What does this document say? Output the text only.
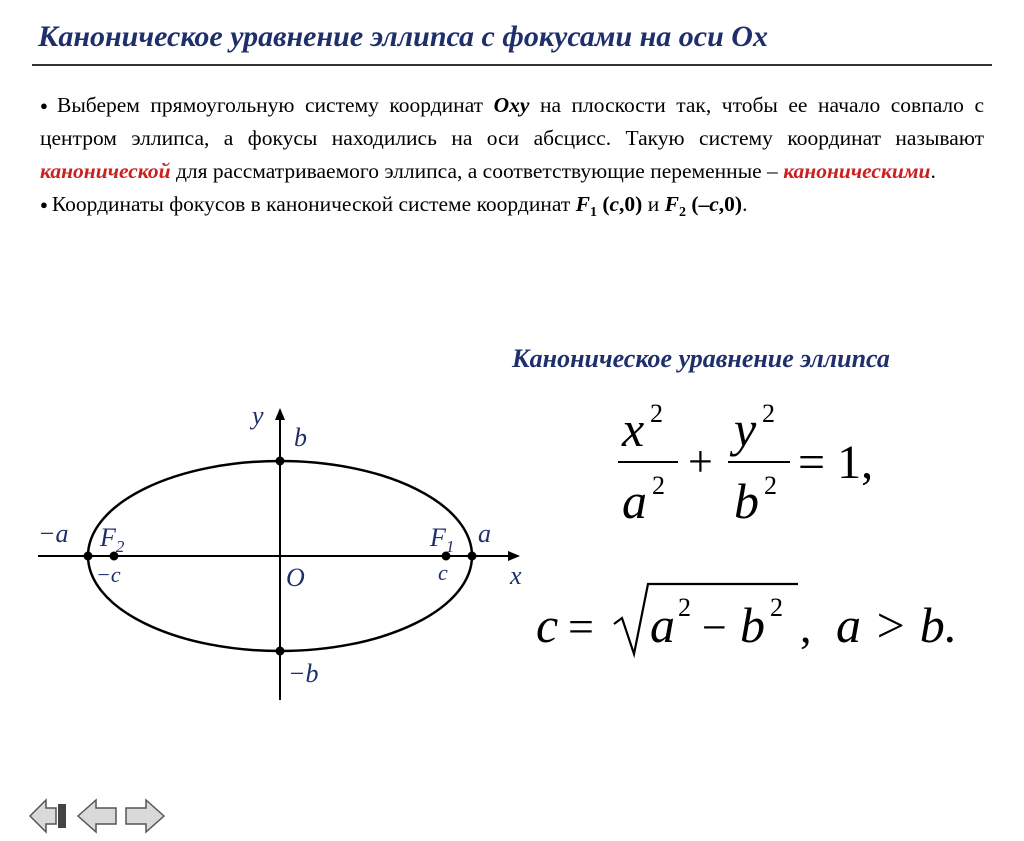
Каноническое уравнение эллипса с фокусами на оси Ox

● Выберем прямоугольную систему координат Oxy на плоскости так, чтобы ее начало совпало с центром эллипса, а фокусы находились на оси абсцисс. Такую систему координат называют канонической для рассматриваемого эллипса, а соответствующие переменные – каноническими.

● Координаты фокусов в канонической системе координат $F_1$ (c,0) и $F_2$ (–c,0).

Каноническое уравнение эллипса
y
b
−b
−a $F_2$
−c	O
$F_1$ a
c x
x 2
a 2 +
y 2
b 2 = 1,
c = a 2 − b 2 , a > b.
